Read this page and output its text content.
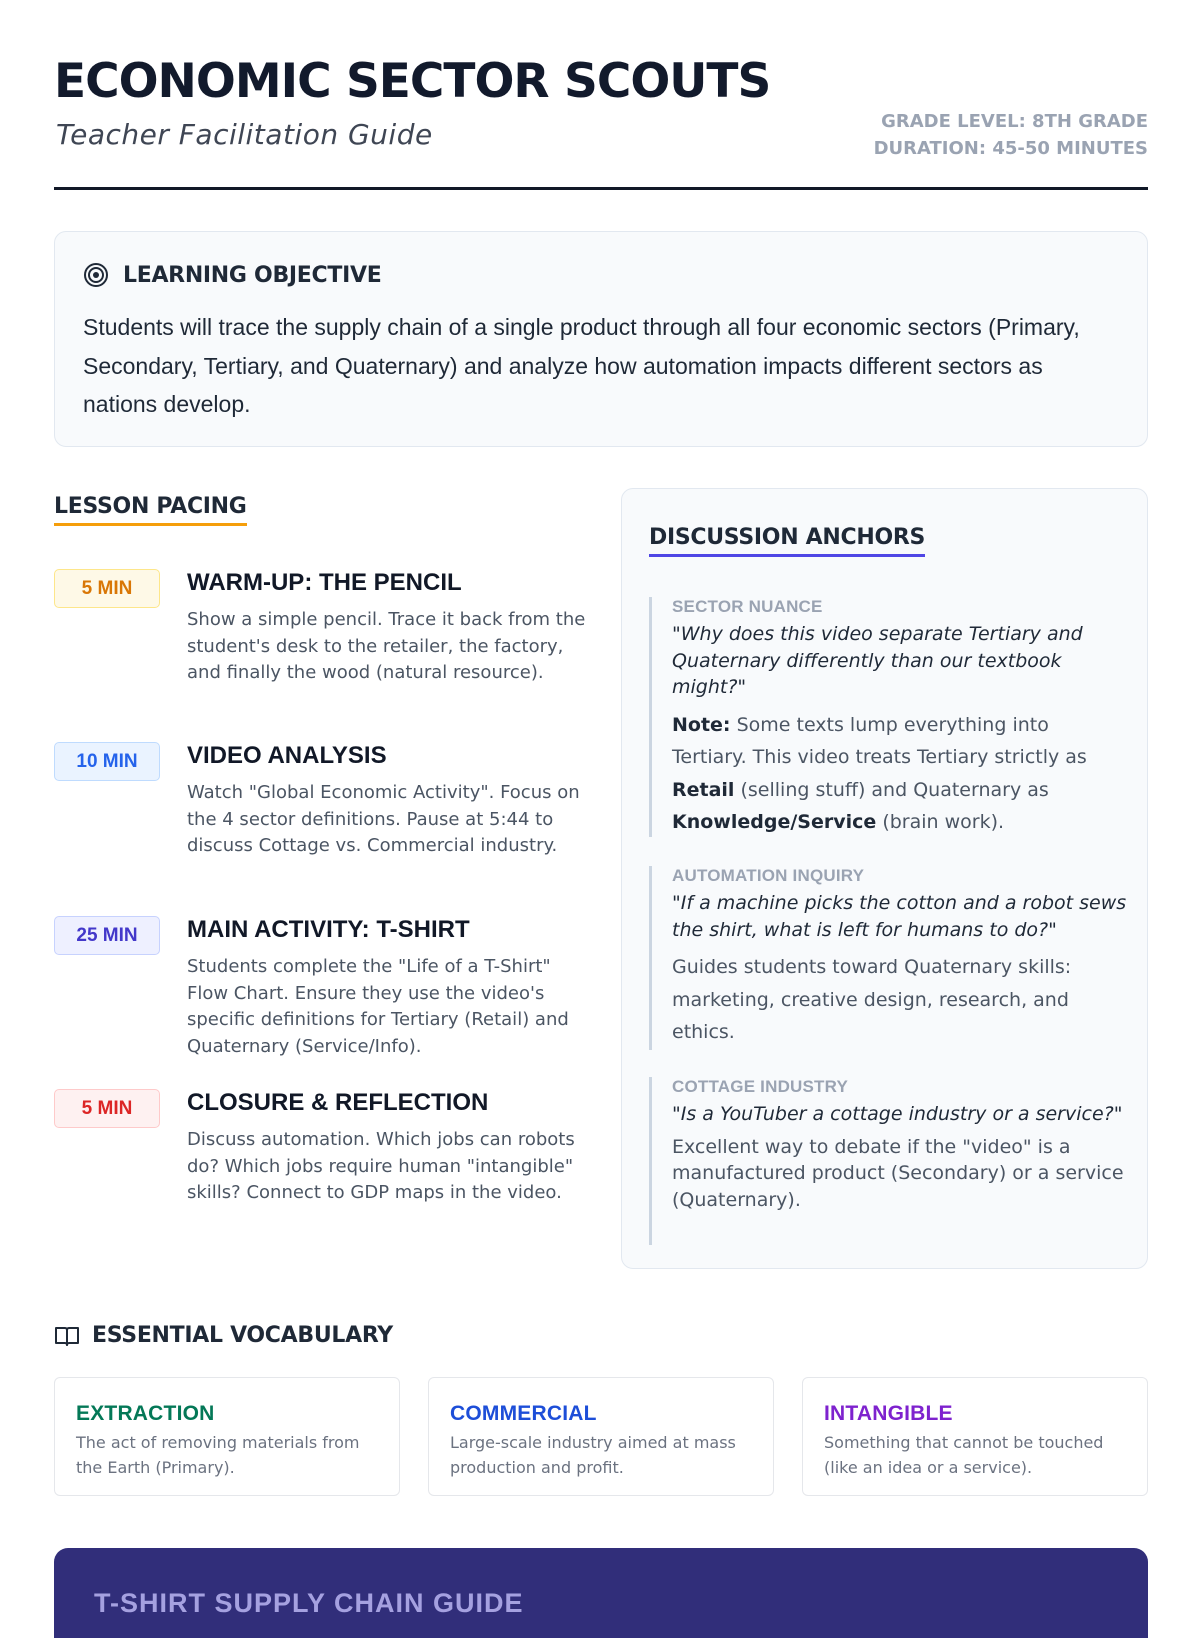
ECONOMIC SECTOR SCOUTS
Teacher Facilitation Guide	GRADE LEVEL: 8TH GRADE
DURATION: 45-50 MINUTES
LEARNING OBJECTIVE
Students will trace the supply chain of a single product through all four economic sectors (Primary, Secondary, Tertiary, and Quaternary) and analyze how automation impacts different sectors as nations develop.
LESSON PACING
5 MIN	WARM-UP: THE PENCIL
Show a simple pencil. Trace it back from the student's desk to the retailer, the factory, and finally the wood (natural resource).
10 MIN	VIDEO ANALYSIS
Watch "Global Economic Activity". Focus on the 4 sector definitions. Pause at 5:44 to discuss Cottage vs. Commercial industry.
25 MIN	MAIN ACTIVITY: T-SHIRT
Students complete the "Life of a T-Shirt" Flow Chart. Ensure they use the video's specific definitions for Tertiary (Retail) and Quaternary (Service/Info).
5 MIN	CLOSURE & REFLECTION
Discuss automation. Which jobs can robots do? Which jobs require human "intangible" skills? Connect to GDP maps in the video.
DISCUSSION ANCHORS
SECTOR NUANCE
"Why does this video separate Tertiary and Quaternary differently than our textbook might?"
Note: Some texts lump everything into Tertiary. This video treats Tertiary strictly as Retail (selling stuff) and Quaternary as Knowledge/Service (brain work).
AUTOMATION INQUIRY
"If a machine picks the cotton and a robot sews the shirt, what is left for humans to do?"
Guides students toward Quaternary skills: marketing, creative design, research, and ethics.
COTTAGE INDUSTRY
"Is a YouTuber a cottage industry or a service?"
Excellent way to debate if the "video" is a manufactured product (Secondary) or a service (Quaternary).
ESSENTIAL VOCABULARY
EXTRACTION
The act of removing materials from the Earth (Primary).
COMMERCIAL
Large-scale industry aimed at mass production and profit.
INTANGIBLE
Something that cannot be touched (like an idea or a service).
T-SHIRT SUPPLY CHAIN GUIDE
